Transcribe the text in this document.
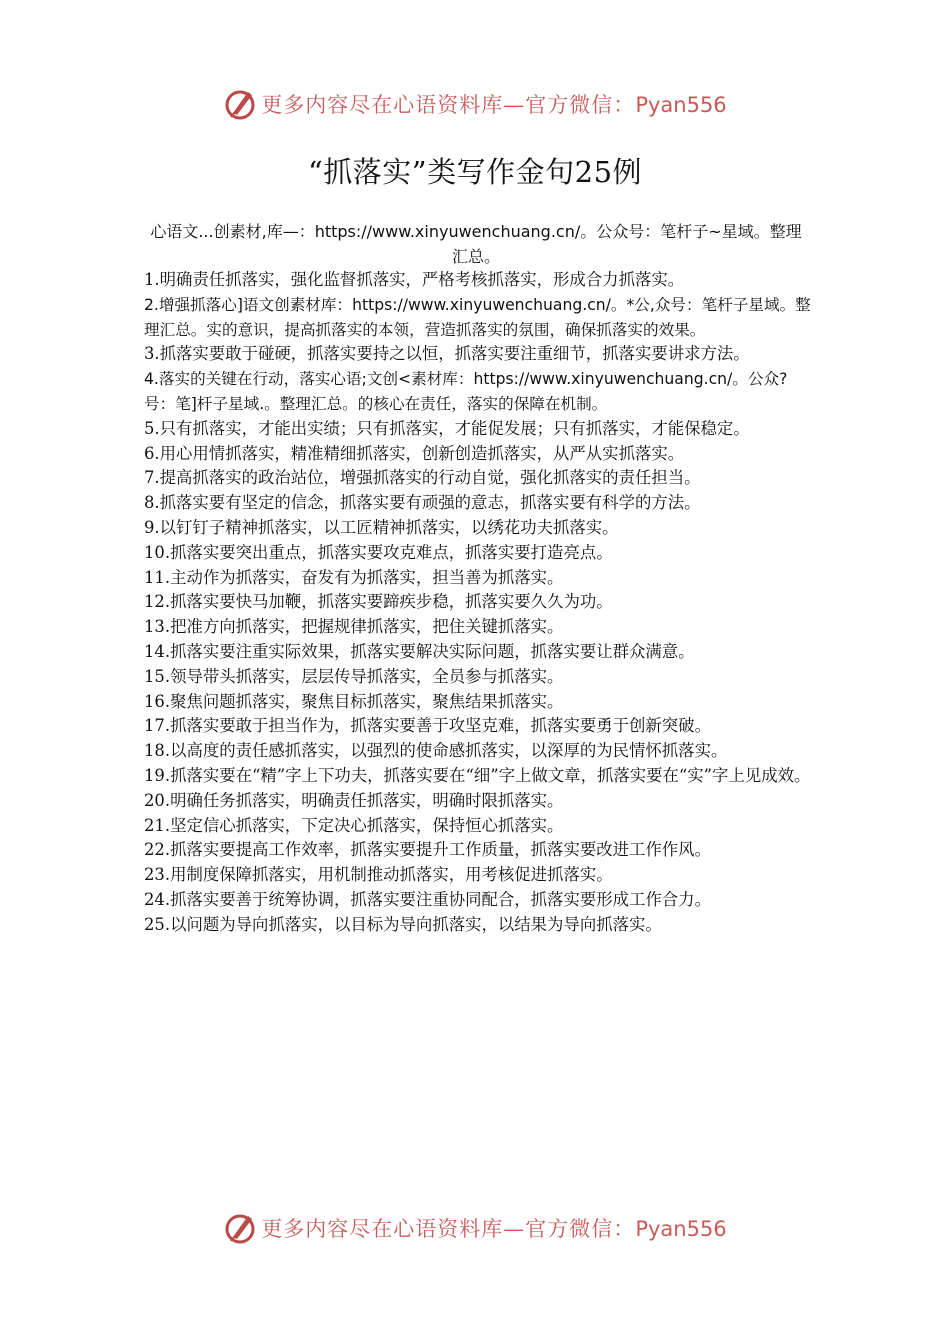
更多内容尽在心语资料库—官方微信：Pyan556
“抓落实”类写作金句25例
心语文...创素材,库—：https://www.xinyuwenchuang.cn/。公众号：笔杆子~星域。整理汇总。
1.明确责任抓落实，强化监督抓落实，严格考核抓落实，形成合力抓落实。
2.增强抓落心]语文创素材库：https://www.xinyuwenchuang.cn/。*公,众号：笔杆子星域。整理汇总。实的意识，提高抓落实的本领，营造抓落实的氛围，确保抓落实的效果。
3.抓落实要敢于碰硬，抓落实要持之以恒，抓落实要注重细节，抓落实要讲求方法。
4.落实的关键在行动，落实心语;文创<素材库：https://www.xinyuwenchuang.cn/。公众?号：笔]杆子星域.。整理汇总。的核心在责任，落实的保障在机制。
5.只有抓落实，才能出实绩；只有抓落实，才能促发展；只有抓落实，才能保稳定。
6.用心用情抓落实，精准精细抓落实，创新创造抓落实，从严从实抓落实。
7.提高抓落实的政治站位，增强抓落实的行动自觉，强化抓落实的责任担当。
8.抓落实要有坚定的信念，抓落实要有顽强的意志，抓落实要有科学的方法。
9.以钉钉子精神抓落实，以工匠精神抓落实，以绣花功夫抓落实。
10.抓落实要突出重点，抓落实要攻克难点，抓落实要打造亮点。
11.主动作为抓落实，奋发有为抓落实，担当善为抓落实。
12.抓落实要快马加鞭，抓落实要蹄疾步稳，抓落实要久久为功。
13.把准方向抓落实，把握规律抓落实，把住关键抓落实。
14.抓落实要注重实际效果，抓落实要解决实际问题，抓落实要让群众满意。
15.领导带头抓落实，层层传导抓落实，全员参与抓落实。
16.聚焦问题抓落实，聚焦目标抓落实，聚焦结果抓落实。
17.抓落实要敢于担当作为，抓落实要善于攻坚克难，抓落实要勇于创新突破。
18.以高度的责任感抓落实，以强烈的使命感抓落实，以深厚的为民情怀抓落实。
19.抓落实要在“精”字上下功夫，抓落实要在“细”字上做文章，抓落实要在“实”字上见成效。
20.明确任务抓落实，明确责任抓落实，明确时限抓落实。
21.坚定信心抓落实，下定决心抓落实，保持恒心抓落实。
22.抓落实要提高工作效率，抓落实要提升工作质量，抓落实要改进工作作风。
23.用制度保障抓落实，用机制推动抓落实，用考核促进抓落实。
24.抓落实要善于统筹协调，抓落实要注重协同配合，抓落实要形成工作合力。
25.以问题为导向抓落实，以目标为导向抓落实，以结果为导向抓落实。
更多内容尽在心语资料库—官方微信：Pyan556
